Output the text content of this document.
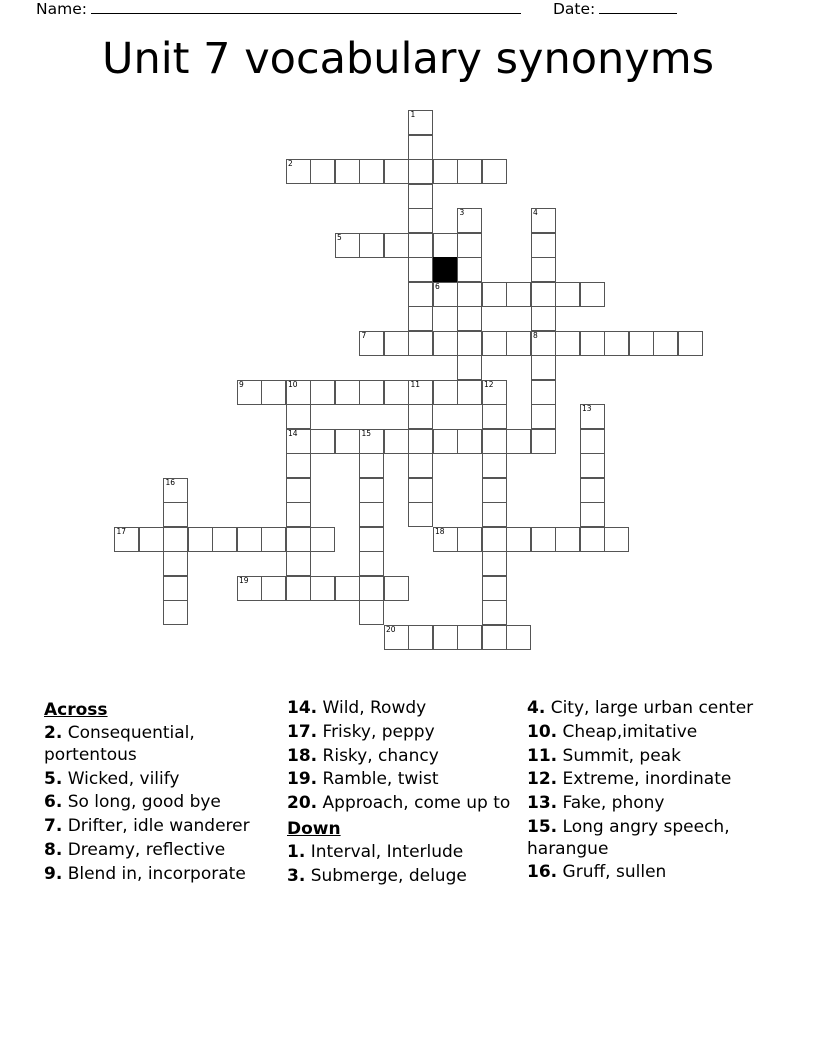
Name:	Date:
Unit 7 vocabulary synonyms
1
2
3	4
5
6
7	8
9	10	11	12
13
14	15
16
17	18
19
20
Across
2. Consequential, portentous
5. Wicked, vilify
6. So long, good bye
7. Drifter, idle wanderer
8. Dreamy, reflective
9. Blend in, incorporate
14. Wild, Rowdy
17. Frisky, peppy
18. Risky, chancy
19. Ramble, twist
20. Approach, come up to
Down
1. Interval, Interlude
3. Submerge, deluge
4. City, large urban center
10. Cheap,imitative
11. Summit, peak
12. Extreme, inordinate
13. Fake, phony
15. Long angry speech, harangue
16. Gruff, sullen
